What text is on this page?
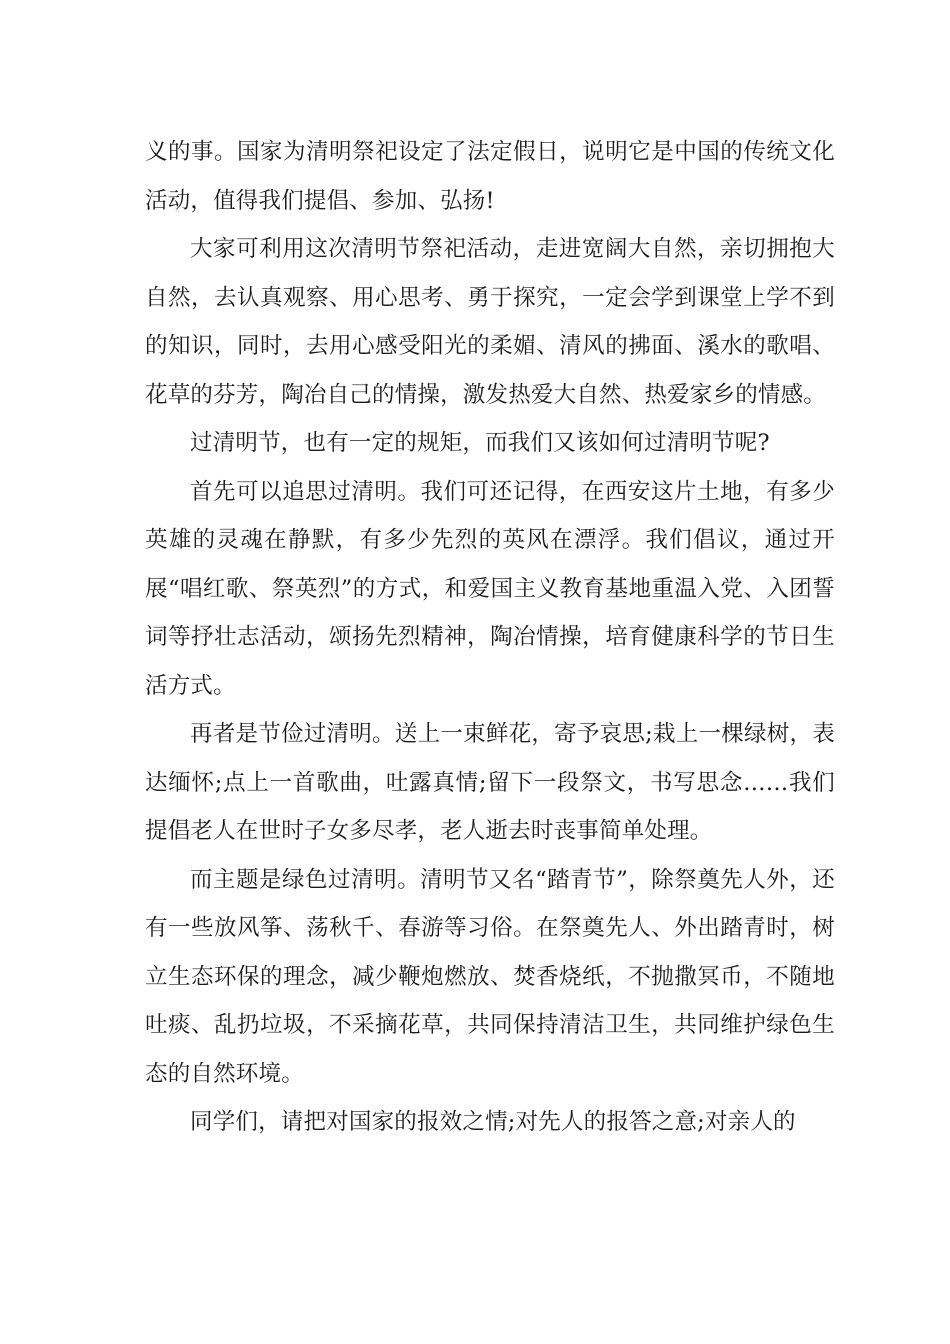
义的事。国家为清明祭祀设定了法定假日，说明它是中国的传统文化活动，值得我们提倡、参加、弘扬!

大家可利用这次清明节祭祀活动，走进宽阔大自然，亲切拥抱大自然，去认真观察、用心思考、勇于探究，一定会学到课堂上学不到的知识，同时，去用心感受阳光的柔媚、清风的拂面、溪水的歌唱、花草的芬芳，陶冶自己的情操，激发热爱大自然、热爱家乡的情感。

过清明节，也有一定的规矩，而我们又该如何过清明节呢?

首先可以追思过清明。我们可还记得，在西安这片土地，有多少英雄的灵魂在静默，有多少先烈的英风在漂浮。我们倡议，通过开展“唱红歌、祭英烈”的方式，和爱国主义教育基地重温入党、入团誓词等抒壮志活动，颂扬先烈精神，陶冶情操，培育健康科学的节日生活方式。

再者是节俭过清明。送上一束鲜花，寄予哀思;栽上一棵绿树，表达缅怀;点上一首歌曲，吐露真情;留下一段祭文，书写思念……我们提倡老人在世时子女多尽孝，老人逝去时丧事简单处理。

而主题是绿色过清明。清明节又名“踏青节”，除祭奠先人外，还有一些放风筝、荡秋千、春游等习俗。在祭奠先人、外出踏青时，树立生态环保的理念，减少鞭炮燃放、焚香烧纸，不抛撒冥币，不随地吐痰、乱扔垃圾，不采摘花草，共同保持清洁卫生，共同维护绿色生态的自然环境。

同学们，请把对国家的报效之情;对先人的报答之意;对亲人的
